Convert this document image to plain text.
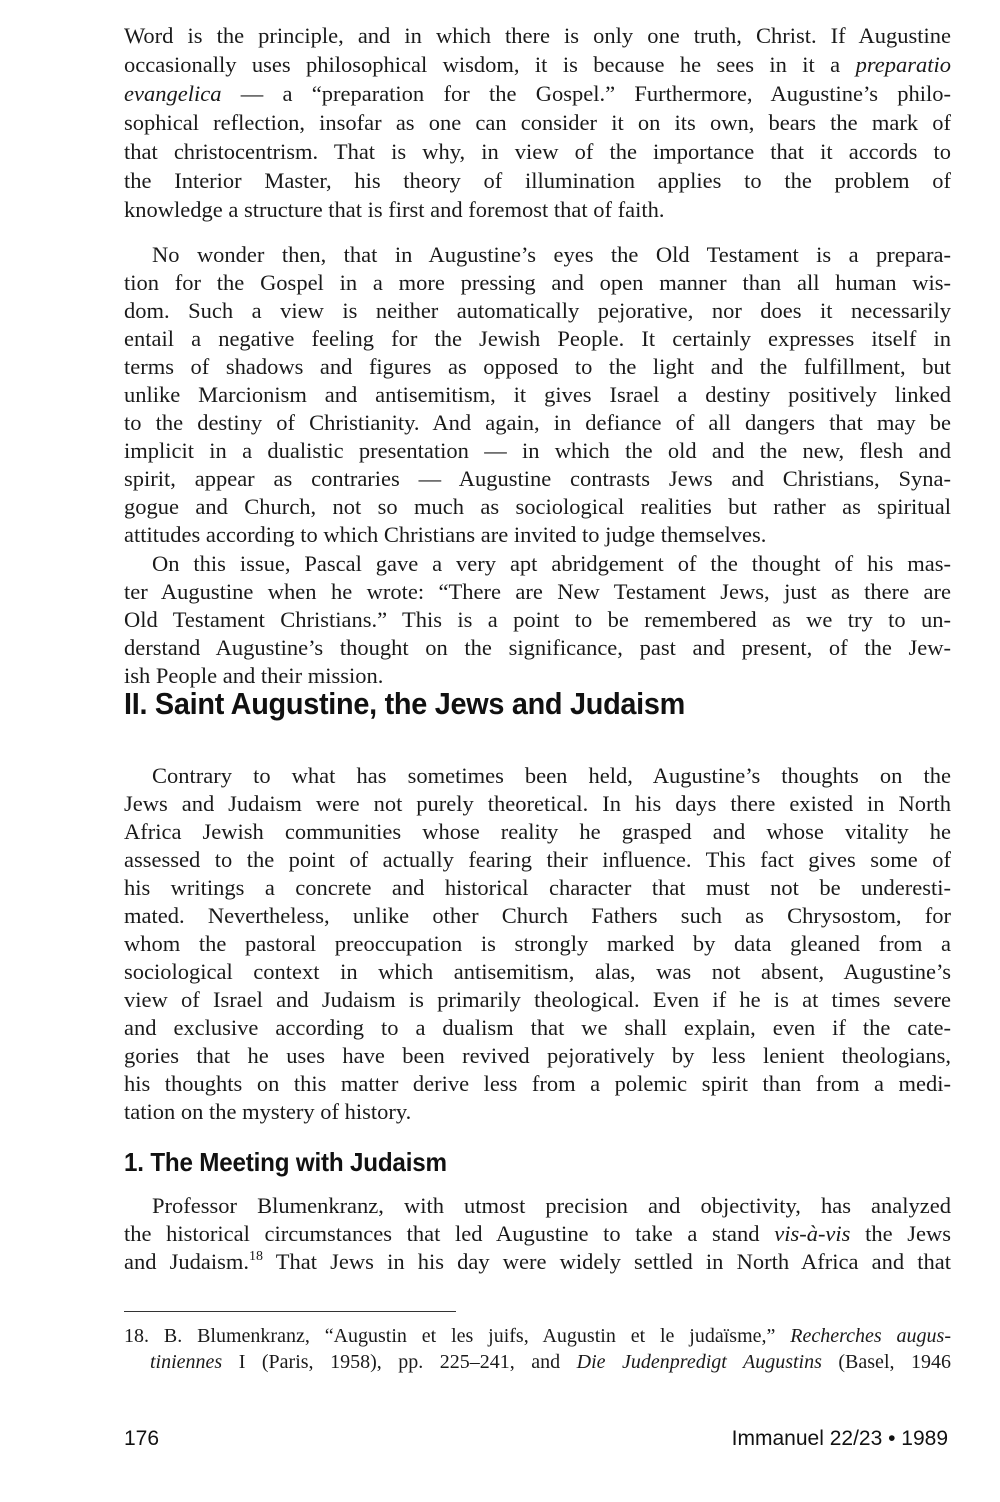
Word is the principle, and in which there is only one truth, Christ. If Augustine
occasionally uses philosophical wisdom, it is because he sees in it a preparatio
evangelica — a “preparation for the Gospel.” Furthermore, Augustine’s philo-
sophical reflection, insofar as one can consider it on its own, bears the mark of
that christocentrism. That is why, in view of the importance that it accords to
the Interior Master, his theory of illumination applies to the problem of
knowledge a structure that is first and foremost that of faith.
No wonder then, that in Augustine’s eyes the Old Testament is a prepara-
tion for the Gospel in a more pressing and open manner than all human wis-
dom. Such a view is neither automatically pejorative, nor does it necessarily
entail a negative feeling for the Jewish People. It certainly expresses itself in
terms of shadows and figures as opposed to the light and the fulfillment, but
unlike Marcionism and antisemitism, it gives Israel a destiny positively linked
to the destiny of Christianity. And again, in defiance of all dangers that may be
implicit in a dualistic presentation — in which the old and the new, flesh and
spirit, appear as contraries — Augustine contrasts Jews and Christians, Syna-
gogue and Church, not so much as sociological realities but rather as spiritual
attitudes according to which Christians are invited to judge themselves.
On this issue, Pascal gave a very apt abridgement of the thought of his mas-
ter Augustine when he wrote: “There are New Testament Jews, just as there are
Old Testament Christians.” This is a point to be remembered as we try to un-
derstand Augustine’s thought on the significance, past and present, of the Jew-
ish People and their mission.
II. Saint Augustine, the Jews and Judaism
Contrary to what has sometimes been held, Augustine’s thoughts on the
Jews and Judaism were not purely theoretical. In his days there existed in North
Africa Jewish communities whose reality he grasped and whose vitality he
assessed to the point of actually fearing their influence. This fact gives some of
his writings a concrete and historical character that must not be underesti-
mated. Nevertheless, unlike other Church Fathers such as Chrysostom, for
whom the pastoral preoccupation is strongly marked by data gleaned from a
sociological context in which antisemitism, alas, was not absent, Augustine’s
view of Israel and Judaism is primarily theological. Even if he is at times severe
and exclusive according to a dualism that we shall explain, even if the cate-
gories that he uses have been revived pejoratively by less lenient theologians,
his thoughts on this matter derive less from a polemic spirit than from a medi-
tation on the mystery of history.
1. The Meeting with Judaism
Professor Blumenkranz, with utmost precision and objectivity, has analyzed
the historical circumstances that led Augustine to take a stand vis-à-vis the Jews
and Judaism.$^{18}$ That Jews in his day were widely settled in North Africa and that
18. B. Blumenkranz, “Augustin et les juifs, Augustin et le judaïsme,” Recherches augus-
tiniennes I (Paris, 1958), pp. 225–241, and Die Judenpredigt Augustins (Basel, 1946
176	Immanuel 22/23 • 1989
